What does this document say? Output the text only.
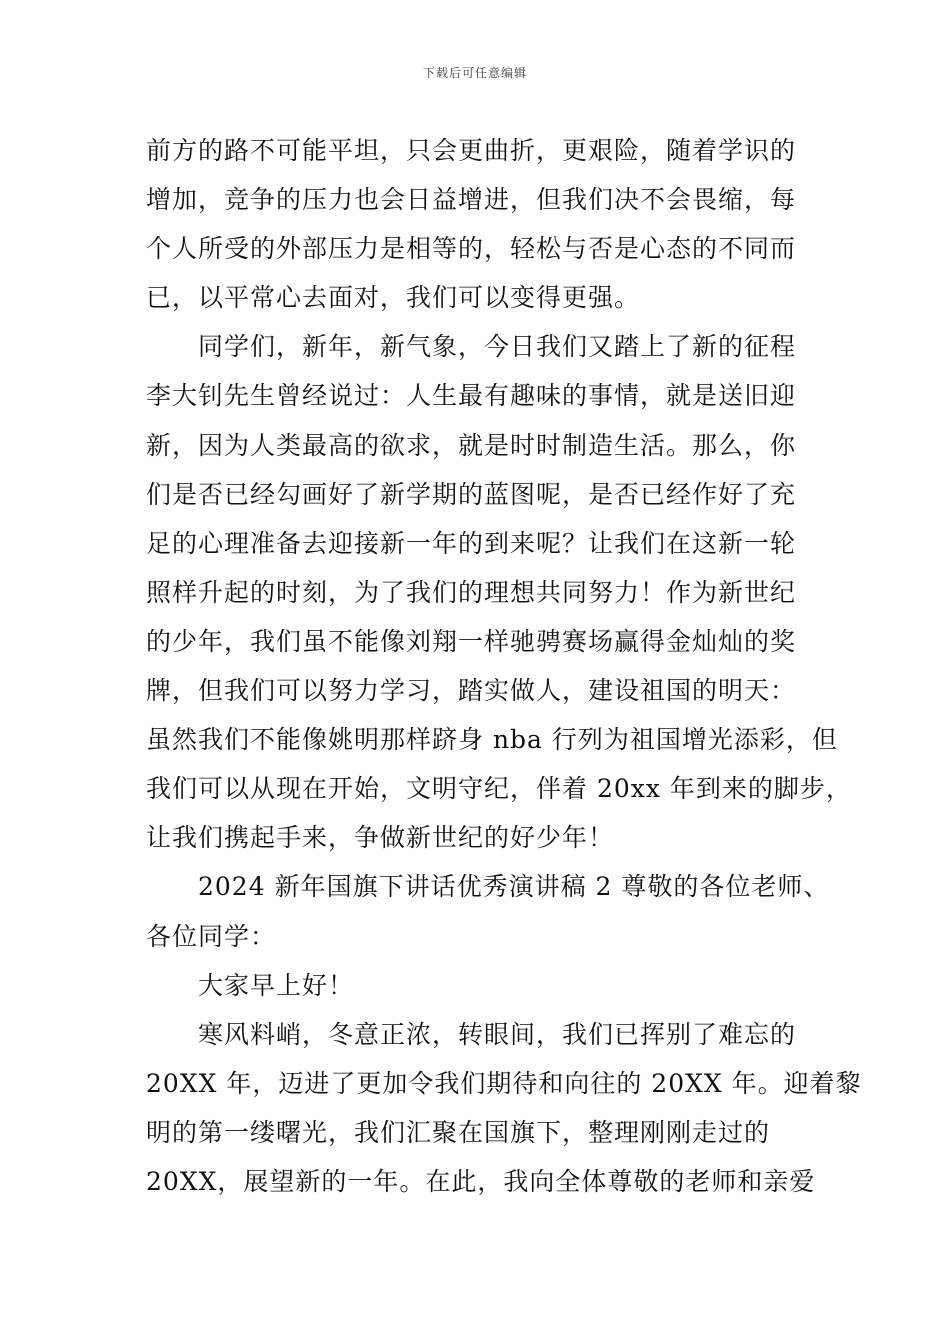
下载后可任意编辑
前方的路不可能平坦，只会更曲折，更艰险，随着学识的
增加，竞争的压力也会日益增进，但我们决不会畏缩，每
个人所受的外部压力是相等的，轻松与否是心态的不同而
已，以平常心去面对，我们可以变得更强。
　　同学们，新年，新气象，今日我们又踏上了新的征程
李大钊先生曾经说过：人生最有趣味的事情，就是送旧迎
新，因为人类最高的欲求，就是时时制造生活。那么，你
们是否已经勾画好了新学期的蓝图呢，是否已经作好了充
足的心理准备去迎接新一年的到来呢？让我们在这新一轮
照样升起的时刻，为了我们的理想共同努力！作为新世纪
的少年，我们虽不能像刘翔一样驰骋赛场赢得金灿灿的奖
牌，但我们可以努力学习，踏实做人，建设祖国的明天：
虽然我们不能像姚明那样跻身 nba 行列为祖国增光添彩，但
我们可以从现在开始，文明守纪，伴着 20xx 年到来的脚步，
让我们携起手来，争做新世纪的好少年！
　　2024 新年国旗下讲话优秀演讲稿 2 尊敬的各位老师、
各位同学：
　　大家早上好！
　　寒风料峭，冬意正浓，转眼间，我们已挥别了难忘的
20XX 年，迈进了更加令我们期待和向往的 20XX 年。迎着黎
明的第一缕曙光，我们汇聚在国旗下，整理刚刚走过的
20XX，展望新的一年。在此，我向全体尊敬的老师和亲爱
